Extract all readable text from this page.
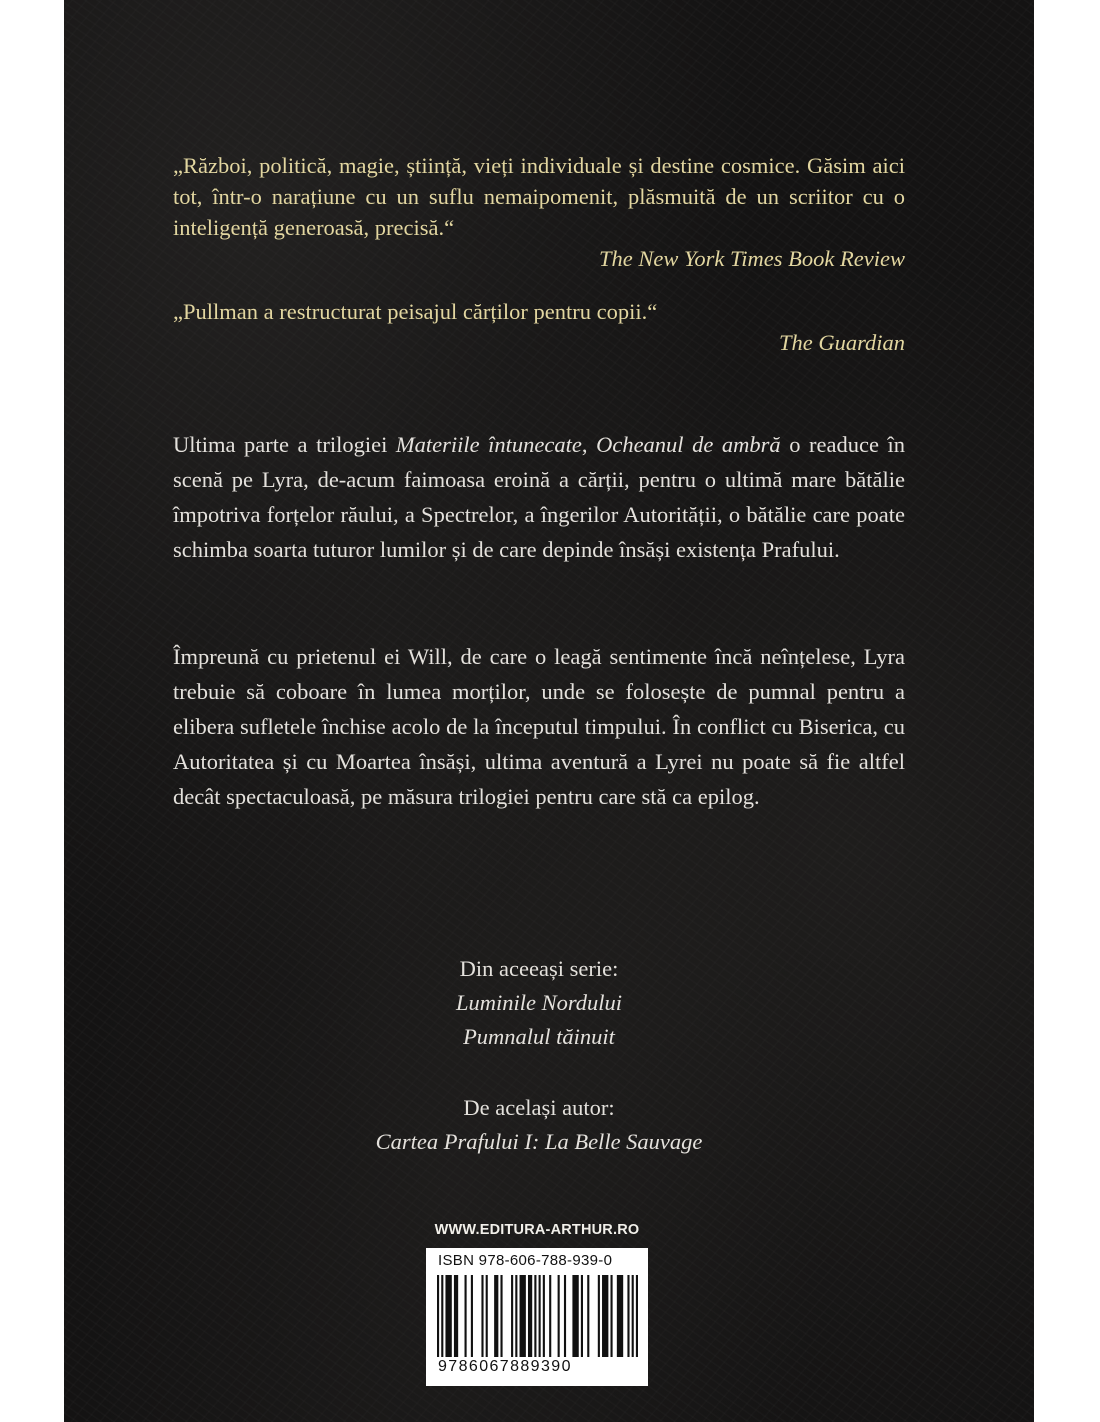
„Război, politică, magie, știință, vieți individuale și destine cosmice. Găsim aici tot, într-o narațiune cu un suflu nemaipomenit, plăsmuită de un scriitor cu o inteligență generoasă, precisă.“
The New York Times Book Review
„Pullman a restructurat peisajul cărților pentru copii.“
The Guardian
Ultima parte a trilogiei Materiile întunecate, Ocheanul de ambră o readuce în scenă pe Lyra, de-acum faimoasa eroină a cărții, pentru o ultimă mare bătălie împotriva forțelor răului, a Spectrelor, a îngerilor Autorității, o bătălie care poate schimba soarta tuturor lumilor și de care depinde însăși existența Prafului.
Împreună cu prietenul ei Will, de care o leagă sentimente încă neînțelese, Lyra trebuie să coboare în lumea morților, unde se folosește de pumnal pentru a elibera sufletele închise acolo de la începutul timpului. În conflict cu Biserica, cu Autoritatea și cu Moartea însăși, ultima aventură a Lyrei nu poate să fie altfel decât spectaculoasă, pe măsura trilogiei pentru care stă ca epilog.
Din aceeași serie:
Luminile Nordului
Pumnalul tăinuit
De același autor:
Cartea Prafului I: La Belle Sauvage
WWW.EDITURA-ARTHUR.RO
ISBN 978-606-788-939-0
9786067889390
